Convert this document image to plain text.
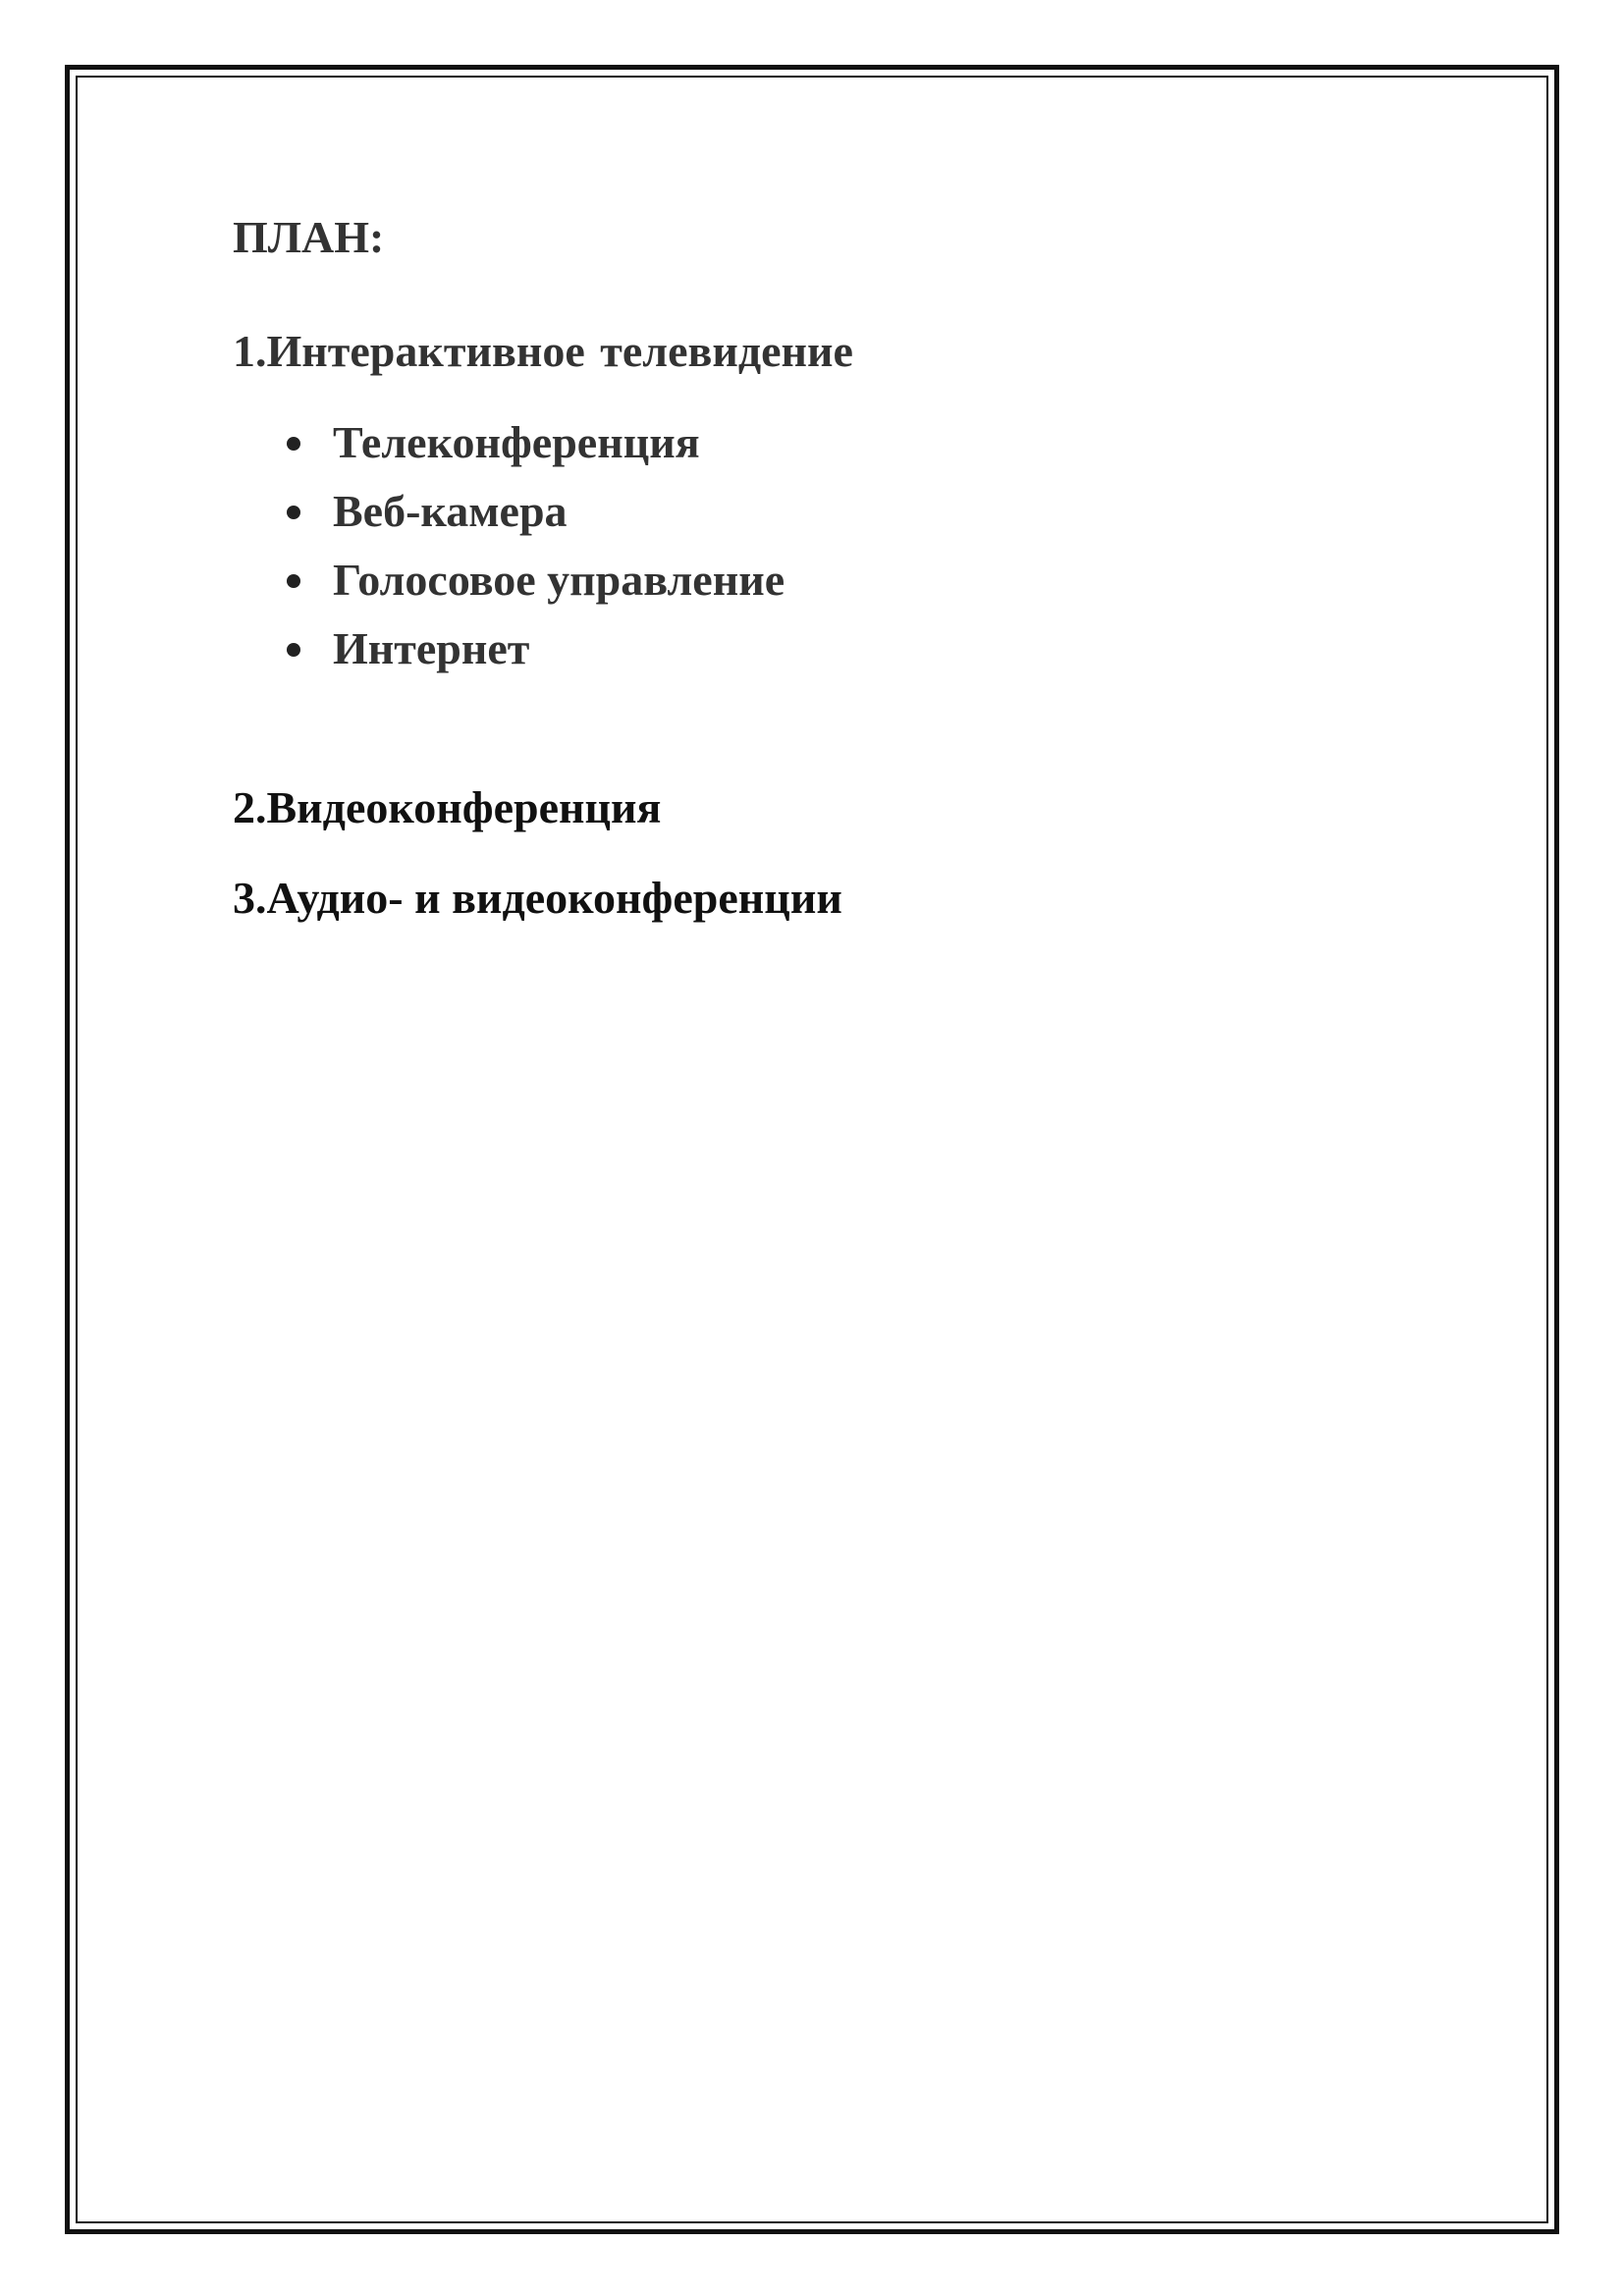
ПЛАН:
1.Интерактивное телевидение
Телеконференция
Веб-камера
Голосовое управление
Интернет
2.Видеоконференция
3.Аудио- и видеоконференции
